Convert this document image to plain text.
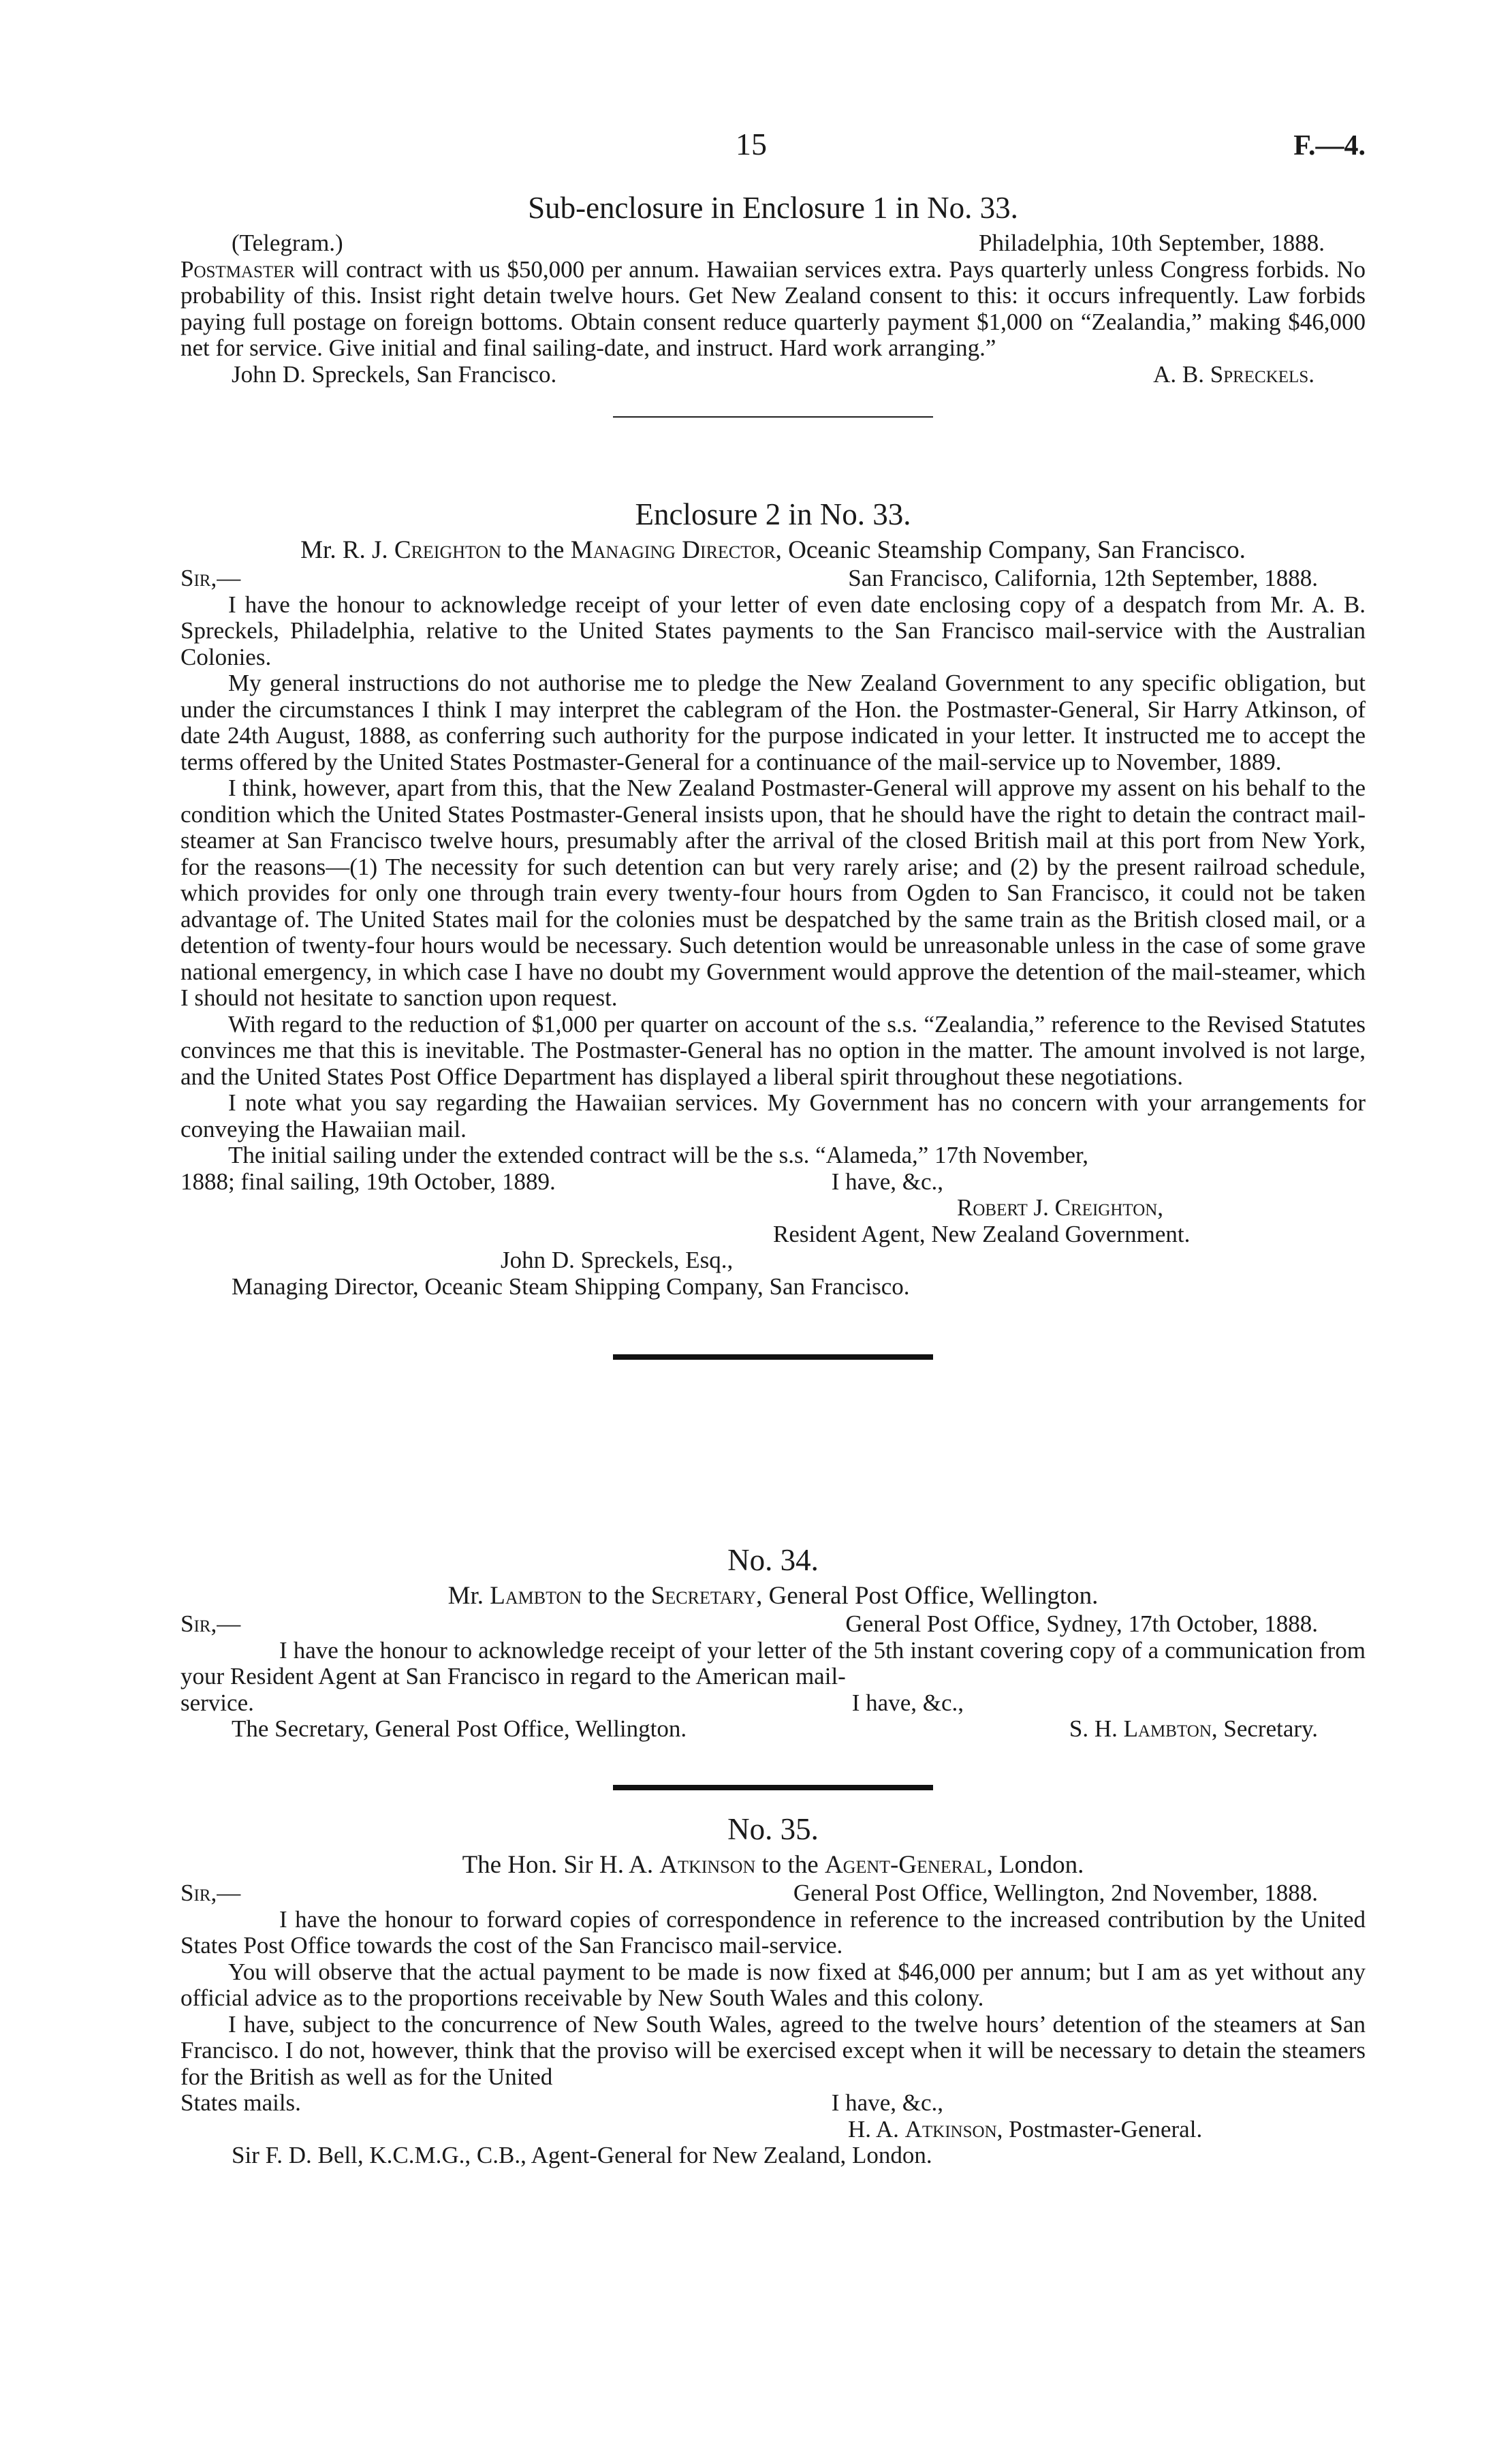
15	F.—4.
Sub-enclosure in Enclosure 1 in No. 33.
(Telegram.)	Philadelphia, 10th September, 1888.

Postmaster will contract with us $50,000 per annum. Hawaiian services extra. Pays quarterly unless Congress forbids. No probability of this. Insist right detain twelve hours. Get New Zealand consent to this: it occurs infrequently. Law forbids paying full postage on foreign bottoms. Obtain consent reduce quarterly payment $1,000 on “Zealandia,” making $46,000 net for service. Give initial and final sailing-date, and instruct. Hard work arranging.”

John D. Spreckels, San Francisco.	A. B. Spreckels.
Enclosure 2 in No. 33.
Mr. R. J. Creighton to the Managing Director, Oceanic Steamship Company, San Francisco.
Sir,—	San Francisco, California, 12th September, 1888.

I have the honour to acknowledge receipt of your letter of even date enclosing copy of a despatch from Mr. A. B. Spreckels, Philadelphia, relative to the United States payments to the San Francisco mail-service with the Australian Colonies.

My general instructions do not authorise me to pledge the New Zealand Government to any specific obligation, but under the circumstances I think I may interpret the cablegram of the Hon. the Postmaster-General, Sir Harry Atkinson, of date 24th August, 1888, as conferring such authority for the purpose indicated in your letter. It instructed me to accept the terms offered by the United States Postmaster-General for a continuance of the mail-service up to November, 1889.

I think, however, apart from this, that the New Zealand Postmaster-General will approve my assent on his behalf to the condition which the United States Postmaster-General insists upon, that he should have the right to detain the contract mail-steamer at San Francisco twelve hours, presumably after the arrival of the closed British mail at this port from New York, for the reasons—(1) The necessity for such detention can but very rarely arise; and (2) by the present railroad schedule, which provides for only one through train every twenty-four hours from Ogden to San Francisco, it could not be taken advantage of. The United States mail for the colonies must be despatched by the same train as the British closed mail, or a detention of twenty-four hours would be necessary. Such detention would be unreasonable unless in the case of some grave national emergency, in which case I have no doubt my Government would approve the detention of the mail-steamer, which I should not hesitate to sanction upon request.

With regard to the reduction of $1,000 per quarter on account of the s.s. “Zealandia,” reference to the Revised Statutes convinces me that this is inevitable. The Postmaster-General has no option in the matter. The amount involved is not large, and the United States Post Office Department has displayed a liberal spirit throughout these negotiations.

I note what you say regarding the Hawaiian services. My Government has no concern with your arrangements for conveying the Hawaiian mail.

The initial sailing under the extended contract will be the s.s. “Alameda,” 17th November,

1888; final sailing, 19th October, 1889.	I have, &c.,
Robert J. Creighton,
Resident Agent, New Zealand Government.
John D. Spreckels, Esq.,
Managing Director, Oceanic Steam Shipping Company, San Francisco.
No. 34.
Mr. Lambton to the Secretary, General Post Office, Wellington.
Sir,—	General Post Office, Sydney, 17th October, 1888.

I have the honour to acknowledge receipt of your letter of the 5th instant covering copy of a communication from your Resident Agent at San Francisco in regard to the American mail-

service.	I have, &c.,
The Secretary, General Post Office, Wellington.	S. H. Lambton, Secretary.
No. 35.
The Hon. Sir H. A. Atkinson to the Agent-General, London.
Sir,—	General Post Office, Wellington, 2nd November, 1888.

I have the honour to forward copies of correspondence in reference to the increased contribution by the United States Post Office towards the cost of the San Francisco mail-service.

You will observe that the actual payment to be made is now fixed at $46,000 per annum; but I am as yet without any official advice as to the proportions receivable by New South Wales and this colony.

I have, subject to the concurrence of New South Wales, agreed to the twelve hours’ detention of the steamers at San Francisco. I do not, however, think that the proviso will be exercised except when it will be necessary to detain the steamers for the British as well as for the United

States mails.	I have, &c.,
H. A. Atkinson, Postmaster-General.
Sir F. D. Bell, K.C.M.G., C.B., Agent-General for New Zealand, London.
